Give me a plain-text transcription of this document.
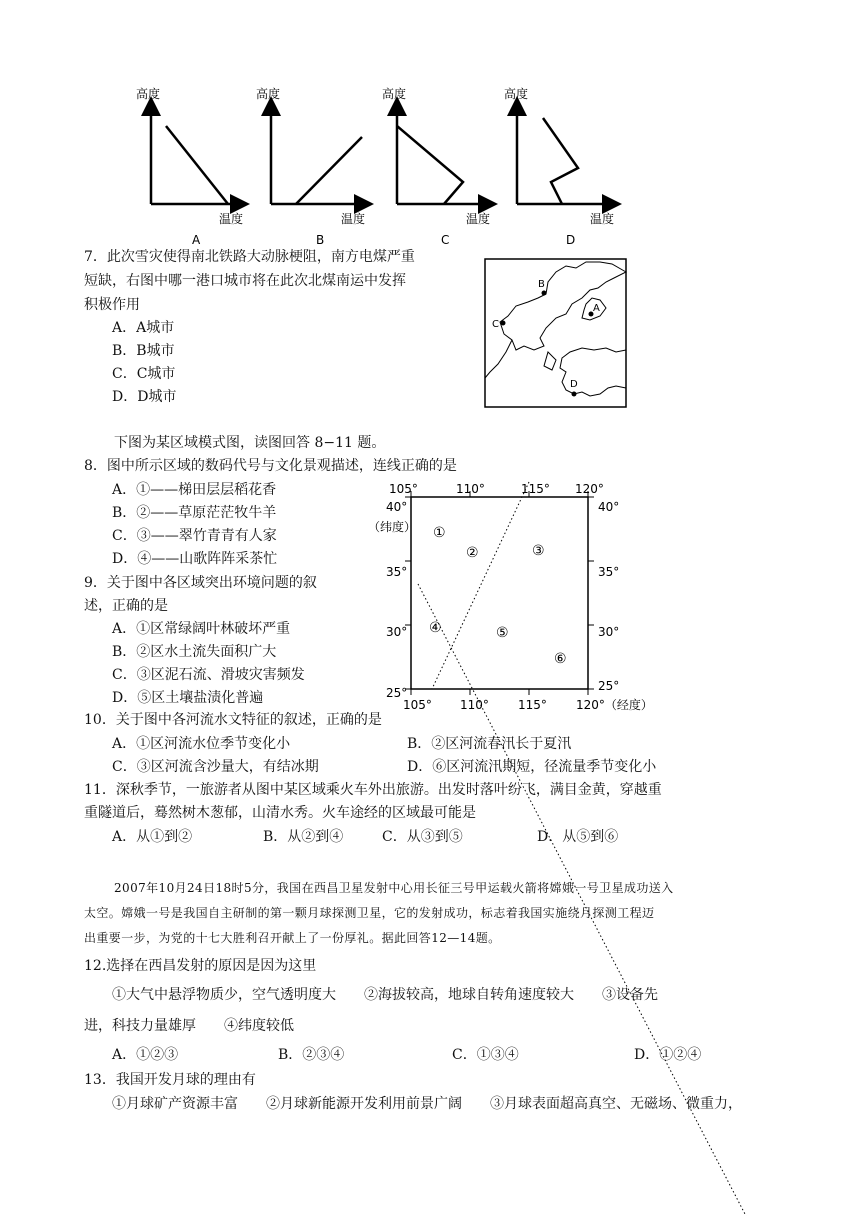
高度	高度	高度	高度
温度	温度	温度	温度
A	B	C	D
7．此次雪灾使得南北铁路大动脉梗阻，南方电煤严重
短缺，右图中哪一港口城市将在此次北煤南运中发挥
积极作用
A．A城市
B．B城市
C．C城市
D．D城市
B
A
C
D
下图为某区域模式图，读图回答 8−11 题。
8．图中所示区域的数码代号与文化景观描述，连线正确的是
A．①——梯田层层稻花香
B．②——草原茫茫牧牛羊
C．③——翠竹青青有人家
D．④——山歌阵阵采茶忙
9．关于图中各区域突出环境问题的叙
述，正确的是
A．①区常绿阔叶林破坏严重
B．②区水土流失面积广大
C．③区泥石流、滑坡灾害频发
D．⑤区土壤盐渍化普遍
105°	110°	115° 120°
105° 110° 115° 120°（经度）
40°
（纬度）
35°
30°
25°
40°
35°
30°
25°
①
②	③
④	⑤
⑥
10．关于图中各河流水文特征的叙述，正确的是
A．①区河流水位季节变化小	B．②区河流春汛长于夏汛
C．③区河流含沙量大，有结冰期	D．⑥区河流汛期短，径流量季节变化小
11．深秋季节，一旅游者从图中某区域乘火车外出旅游。出发时落叶纷飞，满目金黄，穿越重
重隧道后，蓦然树木葱郁，山清水秀。火车途经的区域最可能是
A．从①到②	B．从②到④	C．从③到⑤	D．从⑤到⑥
2007年10月24日18时5分，我国在西昌卫星发射中心用长征三号甲运载火箭将嫦娥一号卫星成功送入
太空。嫦娥一号是我国自主研制的第一颗月球探测卫星，它的发射成功，标志着我国实施绕月探测工程迈
出重要一步，为党的十七大胜利召开献上了一份厚礼。据此回答12—14题。
12.选择在西昌发射的原因是因为这里
①大气中悬浮物质少，空气透明度大　　②海拔较高，地球自转角速度较大　　③设备先
进，科技力量雄厚　　④纬度较低
A．①②③	B．②③④	C．①③④	D．①②④
13．我国开发月球的理由有
①月球矿产资源丰富　　②月球新能源开发利用前景广阔　　③月球表面超高真空、无磁场、微重力，
